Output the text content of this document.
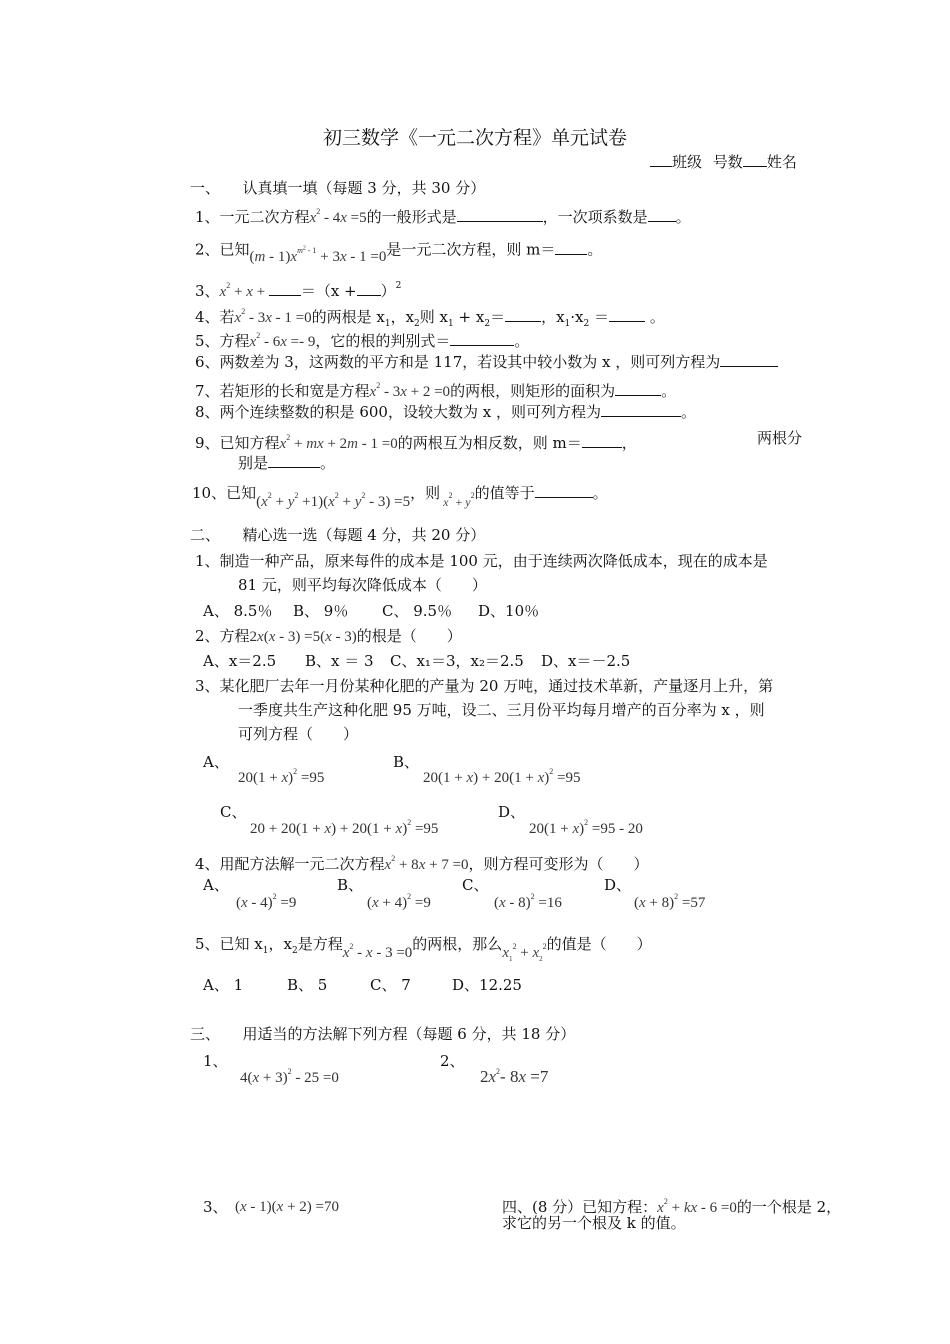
初三数学《一元二次方程》单元试卷
班级 号数 姓名
一、　　认真填一填（每题 3 分，共 30 分）
1、一元二次方程$x^2 - 4x =5$的一般形式是	，一次项系数是 。
2、已知$(m - 1)x^{m^2 - 1} + 3x - 1 =0$是一元二次方程，则 m＝ 。
3、$x^2 + x + =(x + )^2$
4、若$x^2 - 3x - 1 =0$的两根是 $x_1$，$x_2$则 $x_1 + x_2=$ ，$x_1\cdot x_2$ ＝	。
5、方程$x^2 - 6x =- 9$，它的根的判别式＝	。
6、两数差为 3，这两数的平方和是 117，若设其中较小数为 x ，则可列方程为
7、若矩形的长和宽是方程$x^2 - 3x + 2 =0$的两根，则矩形的面积为	。
8、两个连续整数的积是 600，设较大数为 x ，则可列方程为	。
9、已知方程$x^2$ + mx + 2m - 1 =0的两根互为相反数，则 m＝	，	两根分
别是	。
10、已知$(x^2 + y^2 +1)(x^2 + y^2 - 3) =5$，则 $_{x^2 + y^2}$的值等于	。
二、　　精心选一选（每题 4 分，共 20 分）
1、制造一种产品，原来每件的成本是 100 元，由于连续两次降低成本，现在的成本是
81 元，则平均每次降低成本（　　）
A、 8.5％ B、 9％ C、 9.5％ D、10％
2、方程2x(x - 3) =5(x - 3)的根是（　　）
A、x＝2.5 B、x ＝ 3 C、x₁＝3，x₂＝2.5 D、x＝－2.5
3、某化肥厂去年一月份某种化肥的产量为 20 万吨，通过技术革新，产量逐月上升，第
一季度共生产这种化肥 95 万吨，设二、三月份平均每月增产的百分率为 x ，则
可列方程（　　）
A、
$20(1 + x)^2 =95$
B、
$20(1 + x) + 20(1 + x)^2 =95$
C、
$20 + 20(1 + x) + 20(1 + x)^2 =95$
D、
$20(1 + x)^2 =95 - 20$
4、用配方法解一元二次方程$x^2 + 8x + 7 =0$，则方程可变形为（　　）
A、
(x - 4)$^2$ =9
B、
$(x + 4)^2 =9$
C、
(x - 8)$^2$ =16
D、
$(x + 8)^2 =57$
5、已知 $x_1$，$x_2$是方程$x^2 - x - 3 =0$的两根，那么$x_1^2 + x_2^2$的值是（　　）
A、 1	B、 5	C、 7	D、12.25
三、　　用适当的方法解下列方程（每题 6 分，共 18 分）
1、
$4(x + 3)^2 - 25 =0$
2、
$2x^2-$ 8x =7
3、 (x - 1)(x + 2) =70	四、(8 分）已知方程：$x^2$ + kx - 6 =0的一个根是 2，
求它的另一个根及 k 的值。
